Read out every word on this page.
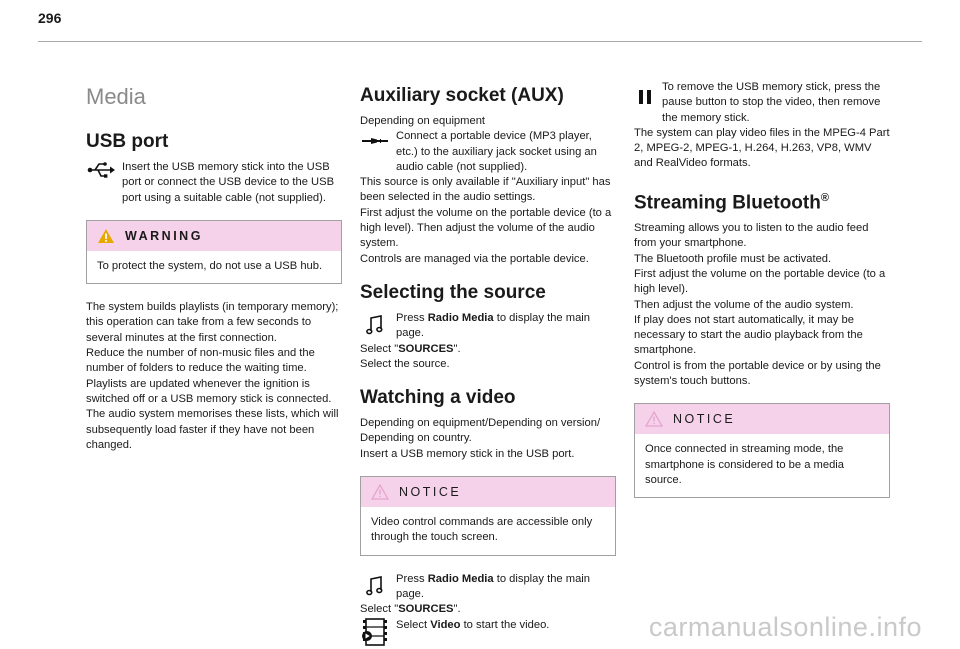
296
Media
USB port
Insert the USB memory stick into the USB port or connect the USB device to the USB port using a suitable cable (not supplied).
WARNING
To protect the system, do not use a USB hub.

The system builds playlists (in temporary memory); this operation can take from a few seconds to several minutes at the first connection.

Reduce the number of non-music files and the number of folders to reduce the waiting time.

Playlists are updated whenever the ignition is switched off or a USB memory stick is connected. The audio system memorises these lists, which will subsequently load faster if they have not been changed.

Auxiliary socket (AUX)

Depending on equipment

Connect a portable device (MP3 player, etc.) to the auxiliary jack socket using an audio cable (not supplied).

This source is only available if "Auxiliary input" has been selected in the audio settings.

First adjust the volume on the portable device (to a high level). Then adjust the volume of the audio system.

Controls are managed via the portable device.

Selecting the source
Press Radio Media to display the main page.

Select "SOURCES".

Select the source.

Watching a video

Depending on equipment/Depending on version/ Depending on country.

Insert a USB memory stick in the USB port.

NOTICE
Video control commands are accessible only through the touch screen.
Press Radio Media to display the main page.

Select "SOURCES".

Select Video to start the video.
To remove the USB memory stick, press the pause button to stop the video, then remove the memory stick.

The system can play video files in the MPEG-4 Part 2, MPEG-2, MPEG-1, H.264, H.263, VP8, WMV and RealVideo formats.

Streaming Bluetooth®

Streaming allows you to listen to the audio feed from your smartphone.

The Bluetooth profile must be activated.

First adjust the volume on the portable device (to a high level).

Then adjust the volume of the audio system.

If play does not start automatically, it may be necessary to start the audio playback from the smartphone.

Control is from the portable device or by using the system's touch buttons.

NOTICE
Once connected in streaming mode, the smartphone is considered to be a media source.
carmanualsonline.info
